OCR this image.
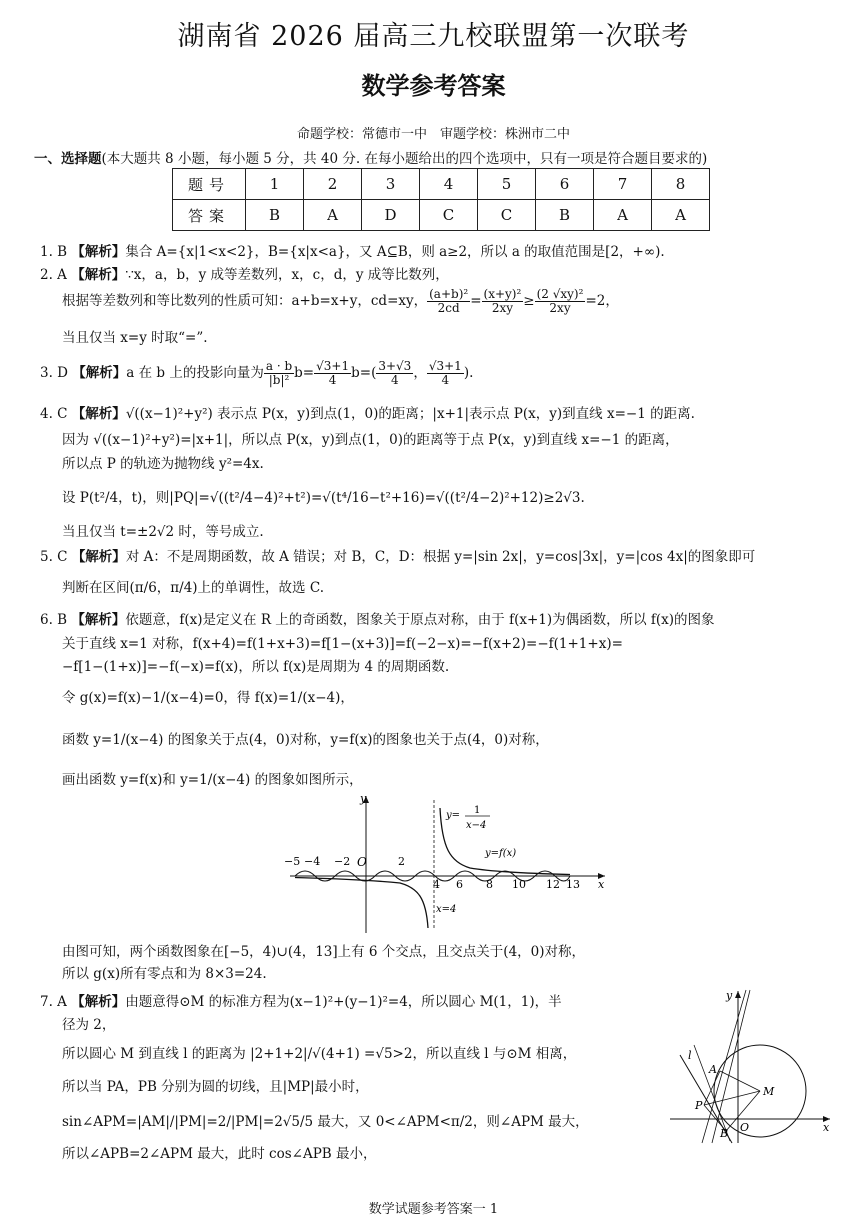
湖南省 2026 届高三九校联盟第一次联考
数学参考答案
命题学校：常德市一中　审题学校：株洲市二中
一、选择题(本大题共 8 小题，每小题 5 分，共 40 分. 在每小题给出的四个选项中，只有一项是符合题目要求的)
题号	1	2	3	4	5	6	7	8
答案	B	A	D	C	C	B	A	A
1. B 【解析】集合 A={x|1<x<2}，B={x|x<a}，又 A⊆B，则 a≥2，所以 a 的取值范围是[2，+∞).
2. A 【解析】∵x，a，b，y 成等差数列，x，c，d，y 成等比数列，
根据等差数列和等比数列的性质可知：a+b=x+y，cd=xy， $\frac{\text{(a+b)²}}{2cd} = \frac{\text{(x+y)²}}{2xy} \ge \frac{\text{(2 √xy)²}}{2xy} =2$，
当且仅当 x=y 时取“=”.
3. D 【解析】a 在 b 上的投影向量为 $\frac{a \cdot b}{\text{|b|²}} b= \frac{√3+1}{4} b=( \frac{3+√3}{4}$ ， $\frac{√3+1}{4}$ ).
4. C 【解析】√((x−1)²+y²) 表示点 P(x，y)到点(1，0)的距离；|x+1|表示点 P(x，y)到直线 x=−1 的距离.
因为 √((x−1)²+y²)=|x+1|，所以点 P(x，y)到点(1，0)的距离等于点 P(x，y)到直线 x=−1 的距离，
所以点 P 的轨迹为抛物线 y²=4x.
设 P(t²/4，t)，则|PQ|=√((t²/4−4)²+t²)=√(t⁴/16−t²+16)=√((t²/4−2)²+12)≥2√3.
当且仅当 t=±2√2 时，等号成立.
5. C 【解析】对 A：不是周期函数，故 A 错误；对 B，C，D：根据 y=|sin 2x|，y=cos|3x|，y=|cos 4x|的图象即可
判断在区间(π/6，π/4)上的单调性，故选 C.
6. B 【解析】依题意，f(x)是定义在 R 上的奇函数，图象关于原点对称，由于 f(x+1)为偶函数，所以 f(x)的图象
关于直线 x=1 对称，f(x+4)=f(1+x+3)=f[1−(x+3)]=f(−2−x)=−f(x+2)=−f(1+1+x)=
−f[1−(1+x)]=−f(−x)=f(x)，所以 f(x)是周期为 4 的周期函数.
令 g(x)=f(x)−1/(x−4)=0，得 f(x)=1/(x−4)，
函数 y=1/(x−4) 的图象关于点(4，0)对称，y=f(x)的图象也关于点(4，0)对称，
画出函数 y=f(x)和 y=1/(x−4) 的图象如图所示，
y
x
O
y= 1
x−4
y=f(x)
x=4
−5 −4 −2	2
4 6 8 10 12 13
由图可知，两个函数图象在[−5，4)∪(4，13]上有 6 个交点，且交点关于(4，0)对称，
所以 g(x)所有零点和为 8×3=24.
7. A 【解析】由题意得⊙M 的标准方程为(x−1)²+(y−1)²=4，所以圆心 M(1，1)，半
径为 2，
所以圆心 M 到直线 l 的距离为 |2+1+2|/√(4+1) =√5>2，所以直线 l 与⊙M 相离，
所以当 PA，PB 分别为圆的切线，且|MP|最小时，
sin∠APM=|AM|/|PM|=2/|PM|=2√5/5 最大，又 0<∠APM<π/2，则∠APM 最大，
所以∠APB=2∠APM 最大，此时 cos∠APB 最小，
y
x
O
l
A
M
P
B
数学试题参考答案一 1
